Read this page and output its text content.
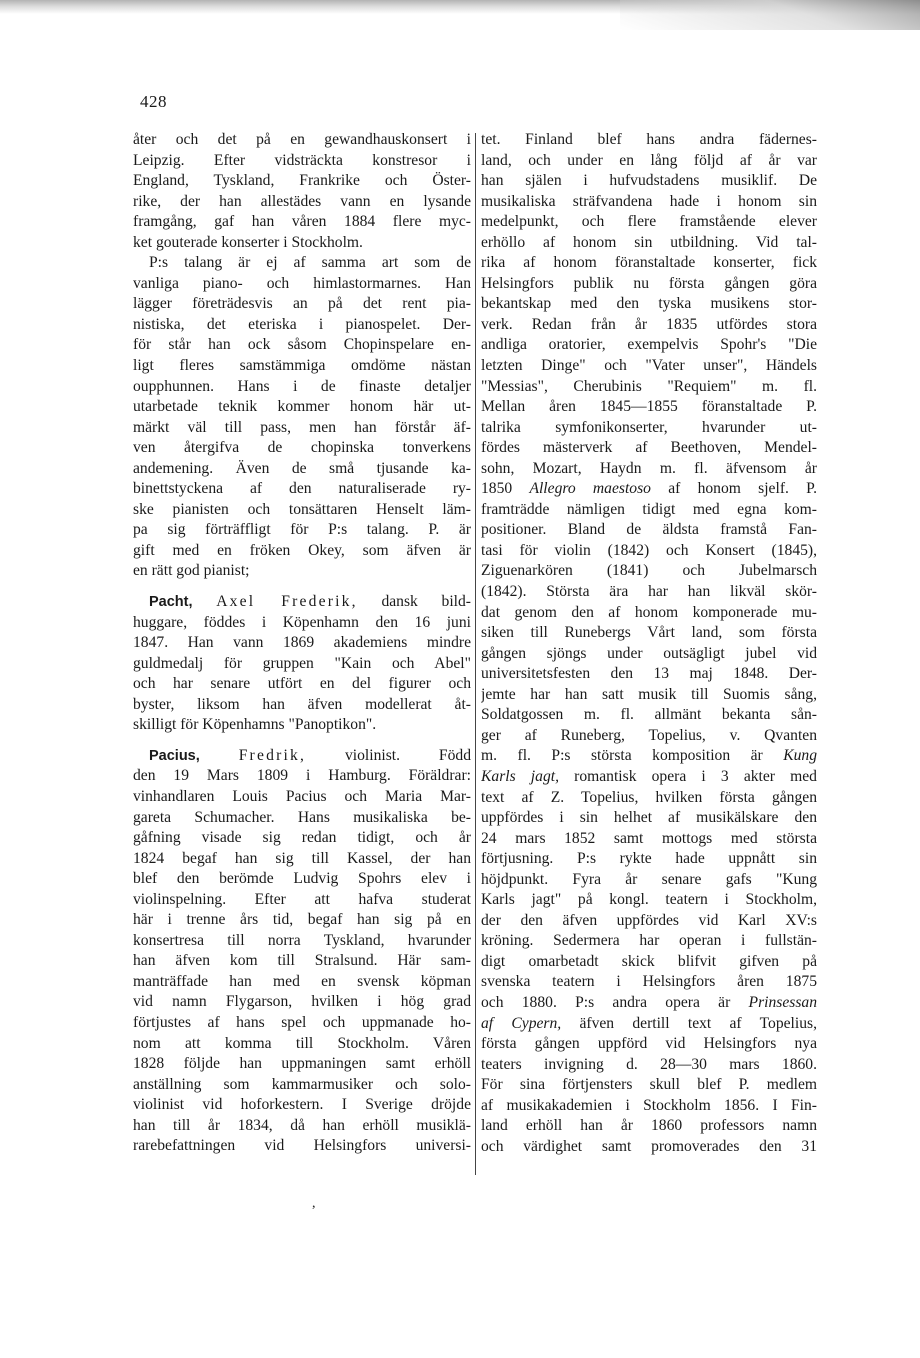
428
åter och det på en gewandhauskonsert i
Leipzig. Efter vidsträckta konstresor i
England, Tyskland, Frankrike och Öster-
rike, der han allestädes vann en lysande
framgång, gaf han våren 1884 flere myc-
ket gouterade konserter i Stockholm.
P:s talang är ej af samma art som de
vanliga piano- och himlastormarnes. Han
lägger företrädesvis an på det rent pia-
nistiska, det eteriska i pianospelet. Der-
för står han ock såsom Chopinspelare en-
ligt fleres samstämmiga omdöme nästan
oupphunnen. Hans i de finaste detaljer
utarbetade teknik kommer honom här ut-
märkt väl till pass, men han förstår äf-
ven återgifva de chopinska tonverkens
andemening. Även de små tjusande ka-
binettstyckena af den naturaliserade ry-
ske pianisten och tonsättaren Henselt läm-
pa sig förträffligt för P:s talang. P. är
gift med en fröken Okey, som äfven är
en rätt god pianist;
Pacht, Axel Frederik, dansk bild-
huggare, föddes i Köpenhamn den 16 juni
1847. Han vann 1869 akademiens mindre
guldmedalj för gruppen "Kain och Abel"
och har senare utfört en del figurer och
byster, liksom han äfven modellerat åt-
skilligt för Köpenhamns "Panoptikon".
Pacius, Fredrik, violinist. Född
den 19 Mars 1809 i Hamburg. Föräldrar:
vinhandlaren Louis Pacius och Maria Mar-
gareta Schumacher. Hans musikaliska be-
gåfning visade sig redan tidigt, och år
1824 begaf han sig till Kassel, der han
blef den berömde Ludvig Spohrs elev i
violinspelning. Efter att hafva studerat
här i trenne års tid, begaf han sig på en
konsertresa till norra Tyskland, hvarunder
han äfven kom till Stralsund. Här sam-
manträffade han med en svensk köpman
vid namn Flygarson, hvilken i hög grad
förtjustes af hans spel och uppmanade ho-
nom att komma till Stockholm. Våren
1828 följde han uppmaningen samt erhöll
anställning som kammarmusiker och solo-
violinist vid hoforkestern. I Sverige dröjde
han till år 1834, då han erhöll musiklä-
rarebefattningen vid Helsingfors universi-
tet. Finland blef hans andra fädernes-
land, och under en lång följd af år var
han själen i hufvudstadens musiklif. De
musikaliska sträfvandena hade i honom sin
medelpunkt, och flere framstående elever
erhöllo af honom sin utbildning. Vid tal-
rika af honom föranstaltade konserter, fick
Helsingfors publik nu första gången göra
bekantskap med den tyska musikens stor-
verk. Redan från år 1835 utfördes stora
andliga oratorier, exempelvis Spohr's "Die
letzten Dinge" och "Vater unser", Händels
"Messias", Cherubinis "Requiem" m. fl.
Mellan åren 1845—1855 föranstaltade P.
talrika symfonikonserter, hvarunder ut-
fördes mästerverk af Beethoven, Mendel-
sohn, Mozart, Haydn m. fl. äfvensom år
1850 Allegro maestoso af honom sjelf. P.
framträdde nämligen tidigt med egna kom-
positioner. Bland de äldsta framstå Fan-
tasi för violin (1842) och Konsert (1845),
Ziguenarkören (1841) och Jubelmarsch
(1842). Största ära har han likväl skör-
dat genom den af honom komponerade mu-
siken till Runebergs Vårt land, som första
gången sjöngs under outsägligt jubel vid
universitetsfesten den 13 maj 1848. Der-
jemte har han satt musik till Suomis sång,
Soldatgossen m. fl. allmänt bekanta sån-
ger af Runeberg, Topelius, v. Qvanten
m. fl. P:s största komposition är Kung
Karls jagt, romantisk opera i 3 akter med
text af Z. Topelius, hvilken första gången
uppfördes i sin helhet af musikälskare den
24 mars 1852 samt mottogs med största
förtjusning. P:s rykte hade uppnått sin
höjdpunkt. Fyra år senare gafs "Kung
Karls jagt" på kongl. teatern i Stockholm,
der den äfven uppfördes vid Karl XV:s
kröning. Sedermera har operan i fullstän-
digt omarbetadt skick blifvit gifven på
svenska teatern i Helsingfors åren 1875
och 1880. P:s andra opera är Prinsessan
af Cypern, äfven dertill text af Topelius,
första gången uppförd vid Helsingfors nya
teaters invigning d. 28—30 mars 1860.
För sina förtjensters skull blef P. medlem
af musikakademien i Stockholm 1856. I Fin-
land erhöll han år 1860 professors namn
och värdighet samt promoverades den 31
,
